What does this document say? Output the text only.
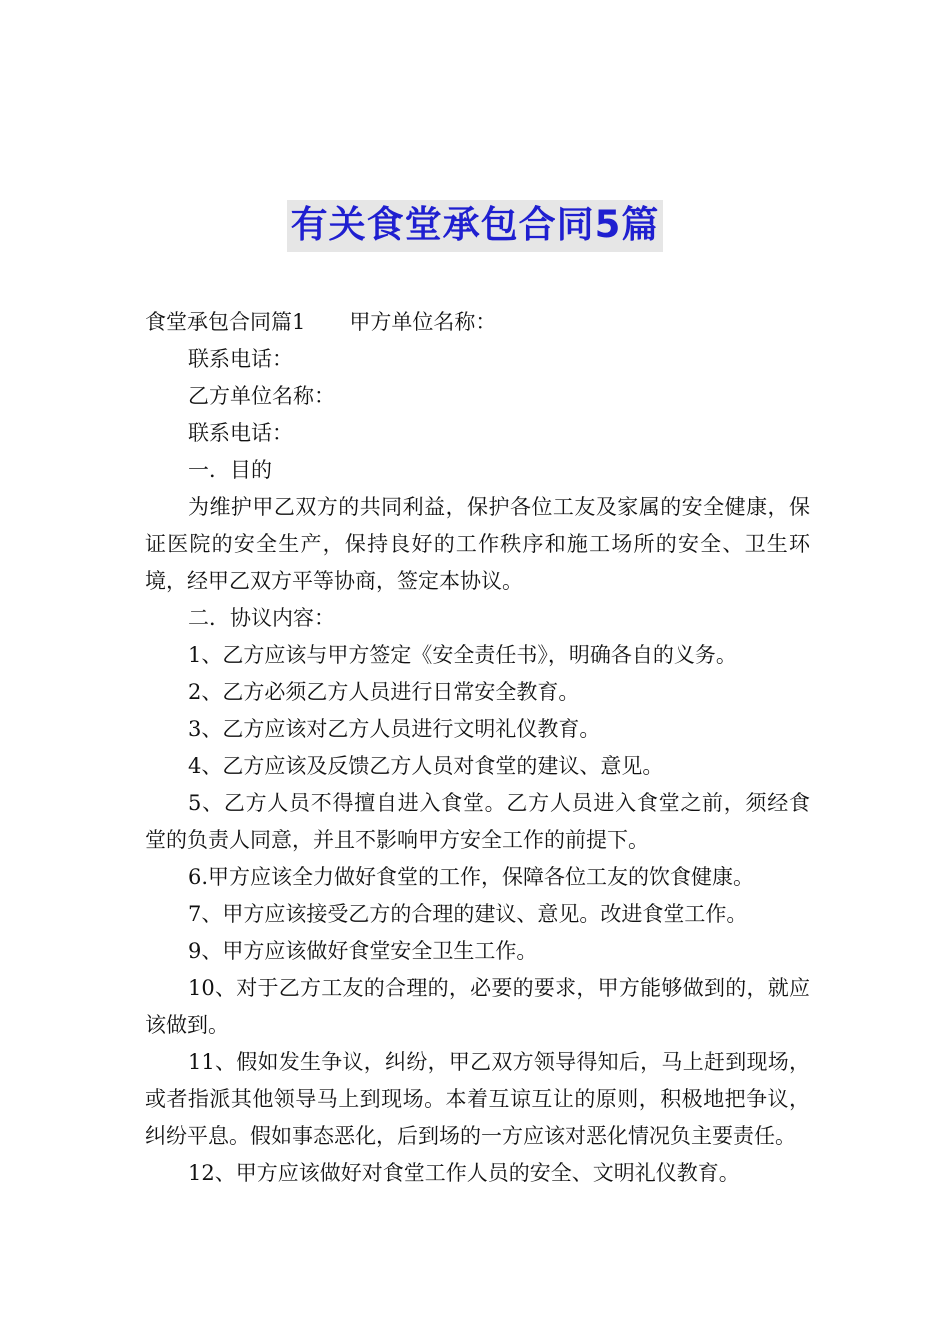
有关食堂承包合同5篇

食堂承包合同篇1 甲方单位名称：

联系电话：

乙方单位名称：

联系电话：

一．目的

为维护甲乙双方的共同利益，保护各位工友及家属的安全健康，保证医院的安全生产，保持良好的工作秩序和施工场所的安全、卫生环境，经甲乙双方平等协商，签定本协议。

二．协议内容：

1、乙方应该与甲方签定《安全责任书》，明确各自的义务。

2、乙方必须乙方人员进行日常安全教育。

3、乙方应该对乙方人员进行文明礼仪教育。

4、乙方应该及反馈乙方人员对食堂的建议、意见。

5、乙方人员不得擅自进入食堂。乙方人员进入食堂之前，须经食堂的负责人同意，并且不影响甲方安全工作的前提下。

6.甲方应该全力做好食堂的工作，保障各位工友的饮食健康。

7、甲方应该接受乙方的合理的建议、意见。改进食堂工作。

9、甲方应该做好食堂安全卫生工作。

10、对于乙方工友的合理的，必要的要求，甲方能够做到的，就应该做到。

11、假如发生争议，纠纷，甲乙双方领导得知后，马上赶到现场，或者指派其他领导马上到现场。本着互谅互让的原则，积极地把争议，纠纷平息。假如事态恶化，后到场的一方应该对恶化情况负主要责任。

12、甲方应该做好对食堂工作人员的安全、文明礼仪教育。
